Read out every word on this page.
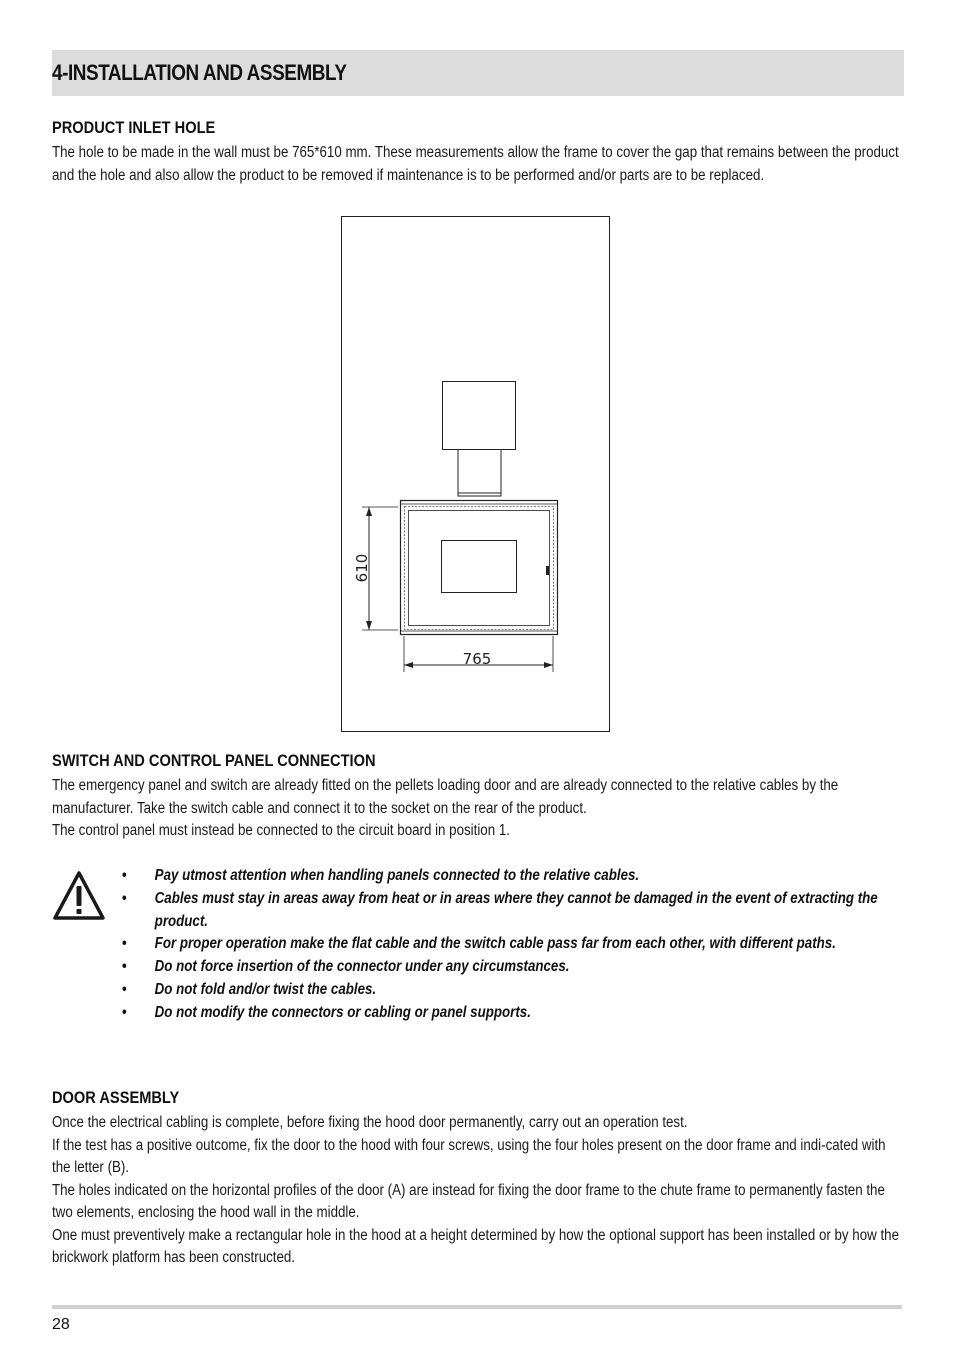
4-INSTALLATION AND ASSEMBLY
PRODUCT INLET HOLE

The hole to be made in the wall must be 765*610 mm. These measurements allow the frame to cover the gap that remains between the product and the hole and also allow the product to be removed if maintenance is to be performed and/or parts are to be replaced.

610
765
SWITCH AND CONTROL PANEL CONNECTION

The emergency panel and switch are already fitted on the pellets loading door and are already connected to the relative cables by the manufacturer. Take the switch cable and connect it to the socket on the rear of the product.

The control panel must instead be connected to the circuit board in position 1.

• Pay utmost attention when handling panels connected to the relative cables.
• Cables must stay in areas away from heat or in areas where they cannot be damaged in the event of extracting the product.
• For proper operation make the flat cable and the switch cable pass far from each other, with different paths.
• Do not force insertion of the connector under any circumstances.
• Do not fold and/or twist the cables.
• Do not modify the connectors or cabling or panel supports.
DOOR ASSEMBLY

Once the electrical cabling is complete, before fixing the hood door permanently, carry out an operation test.

If the test has a positive outcome, fix the door to the hood with four screws, using the four holes present on the door frame and indi-cated with the letter (B).

The holes indicated on the horizontal profiles of the door (A) are instead for fixing the door frame to the chute frame to permanently fasten the two elements, enclosing the hood wall in the middle.

One must preventively make a rectangular hole in the hood at a height determined by how the optional support has been installed or by how the brickwork platform has been constructed.

28
